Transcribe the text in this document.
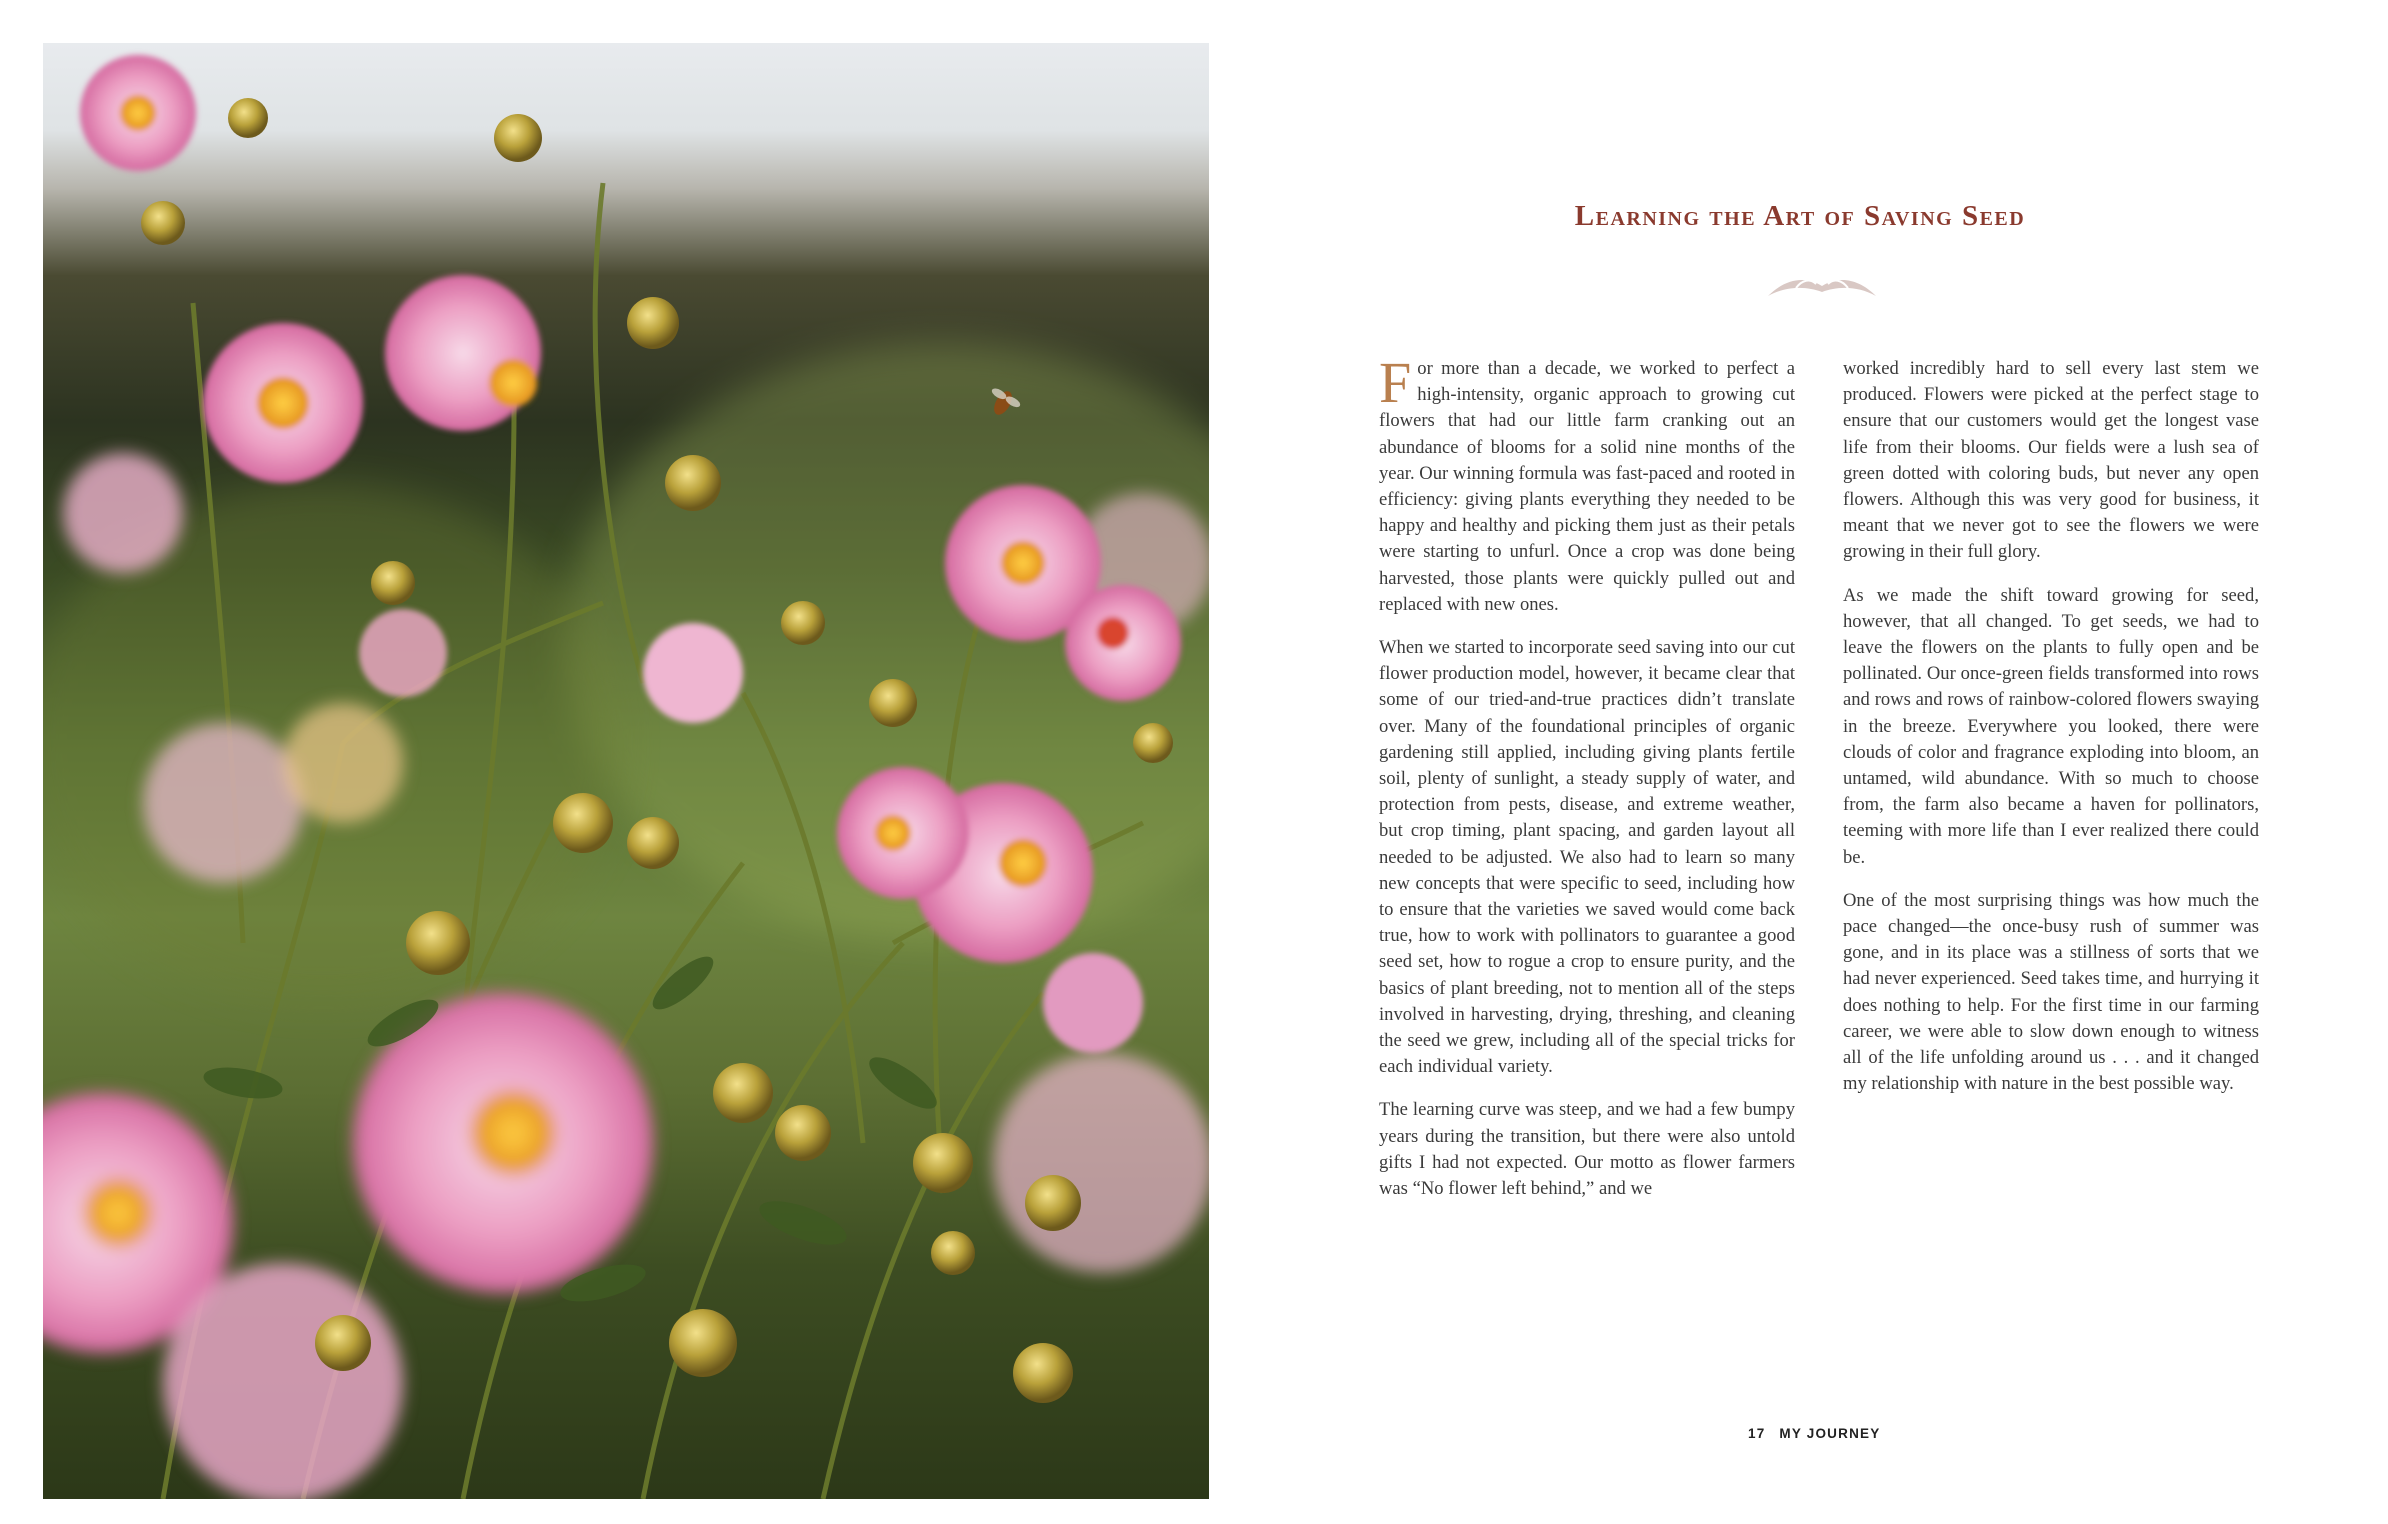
Learning the Art of Saving Seed

For more than a decade, we worked to perfect a high-intensity, organic approach to growing cut flowers that had our little farm cranking out an abundance of blooms for a solid nine months of the year. Our winning formula was fast-paced and rooted in efficiency: giving plants everything they needed to be happy and healthy and picking them just as their petals were starting to unfurl. Once a crop was done being harvested, those plants were quickly pulled out and replaced with new ones.

When we started to incorporate seed saving into our cut flower production model, however, it became clear that some of our tried-and-true practices didn’t translate over. Many of the foundational principles of organic gardening still applied, including giving plants fertile soil, plenty of sunlight, a steady supply of water, and protection from pests, disease, and extreme weather, but crop timing, plant spacing, and garden layout all needed to be adjusted. We also had to learn so many new concepts that were specific to seed, including how to ensure that the varieties we saved would come back true, how to work with pollinators to guarantee a good seed set, how to rogue a crop to ensure purity, and the basics of plant breeding, not to mention all of the steps involved in harvesting, drying, threshing, and cleaning the seed we grew, including all of the special tricks for each individual variety.

The learning curve was steep, and we had a few bumpy years during the transition, but there were also untold gifts I had not expected. Our motto as flower farmers was “No flower left behind,” and we

worked incredibly hard to sell every last stem we produced. Flowers were picked at the perfect stage to ensure that our customers would get the longest vase life from their blooms. Our fields were a lush sea of green dotted with coloring buds, but never any open flowers. Although this was very good for business, it meant that we never got to see the flowers we were growing in their full glory.

As we made the shift toward growing for seed, however, that all changed. To get seeds, we had to leave the flowers on the plants to fully open and be pollinated. Our once-green fields transformed into rows and rows and rows of rainbow-colored flowers swaying in the breeze. Everywhere you looked, there were clouds of color and fragrance exploding into bloom, an untamed, wild abundance. With so much to choose from, the farm also became a haven for pollinators, teeming with more life than I ever realized there could be.

One of the most surprising things was how much the pace changed—the once-busy rush of summer was gone, and in its place was a stillness of sorts that we had never experienced. Seed takes time, and hurrying it does nothing to help. For the first time in our farming career, we were able to slow down enough to witness all of the life unfolding around us . . . and it changed my relationship with nature in the best possible way.

17 MY JOURNEY
